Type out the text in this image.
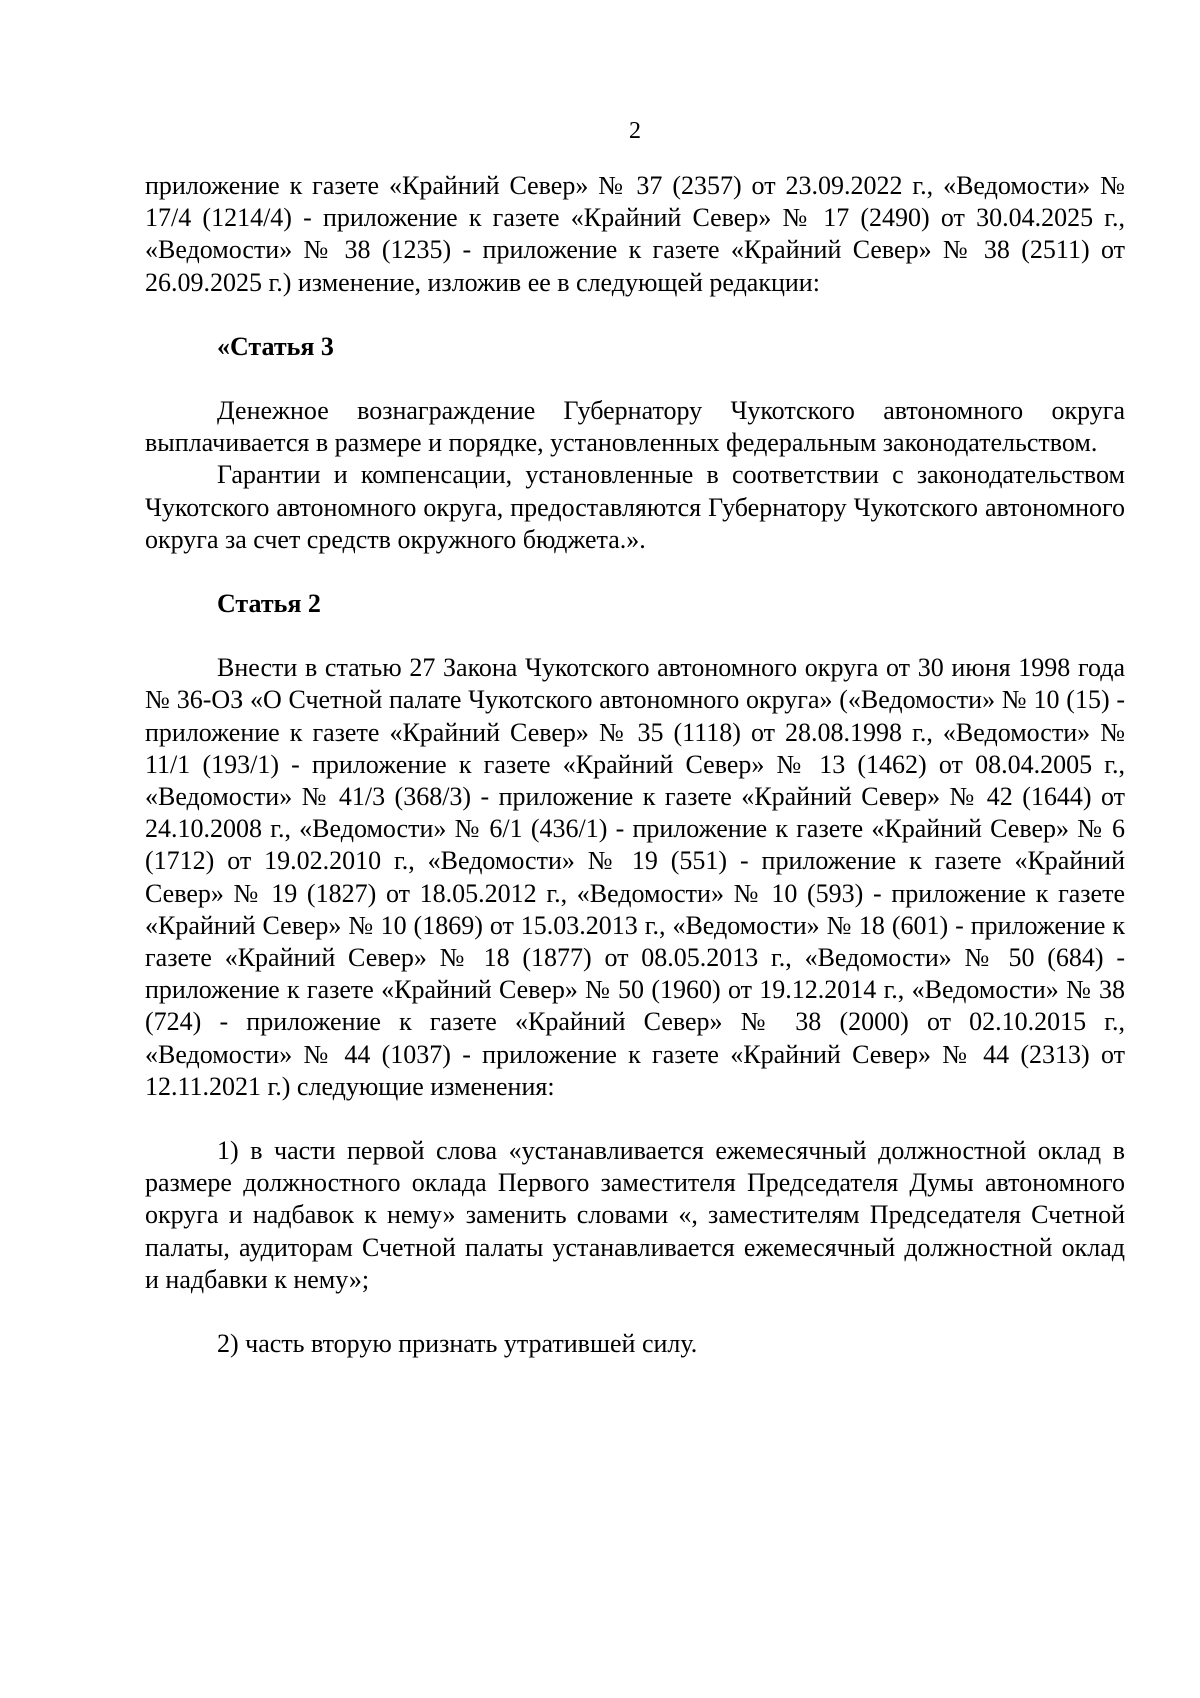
2

приложение к газете «Крайний Север» № 37 (2357) от 23.09.2022 г., «Ведомости» № 17/4 (1214/4) - приложение к газете «Крайний Север» № 17 (2490) от 30.04.2025 г., «Ведомости» № 38 (1235) - приложение к газете «Крайний Север» № 38 (2511) от 26.09.2025 г.) изменение, изложив ее в следующей редакции:

«Статья 3

Денежное вознаграждение Губернатору Чукотского автономного округа выплачивается в размере и порядке, установленных федеральным законодательством.

Гарантии и компенсации, установленные в соответствии с законодательством Чукотского автономного округа, предоставляются Губернатору Чукотского автономного округа за счет средств окружного бюджета.».

Статья 2

Внести в статью 27 Закона Чукотского автономного округа от 30 июня 1998 года № 36-ОЗ «О Счетной палате Чукотского автономного округа» («Ведомости» № 10 (15) - приложение к газете «Крайний Север» № 35 (1118) от 28.08.1998 г., «Ведомости» № 11/1 (193/1) - приложение к газете «Крайний Север» № 13 (1462) от 08.04.2005 г., «Ведомости» № 41/3 (368/3) - приложение к газете «Крайний Север» № 42 (1644) от 24.10.2008 г., «Ведомости» № 6/1 (436/1) - приложение к газете «Крайний Север» № 6 (1712) от 19.02.2010 г., «Ведомости» № 19 (551) - приложение к газете «Крайний Север» № 19 (1827) от 18.05.2012 г., «Ведомости» № 10 (593) - приложение к газете «Крайний Север» № 10 (1869) от 15.03.2013 г., «Ведомости» № 18 (601) - приложение к газете «Крайний Север» № 18 (1877) от 08.05.2013 г., «Ведомости» № 50 (684) - приложение к газете «Крайний Север» № 50 (1960) от 19.12.2014 г., «Ведомости» № 38 (724) - приложение к газете «Крайний Север» № 38 (2000) от 02.10.2015 г., «Ведомости» № 44 (1037) - приложение к газете «Крайний Север» № 44 (2313) от 12.11.2021 г.) следующие изменения:

1) в части первой слова «устанавливается ежемесячный должностной оклад в размере должностного оклада Первого заместителя Председателя Думы автономного округа и надбавок к нему» заменить словами «, заместителям Председателя Счетной палаты, аудиторам Счетной палаты устанавливается ежемесячный должностной оклад и надбавки к нему»;

2) часть вторую признать утратившей силу.
